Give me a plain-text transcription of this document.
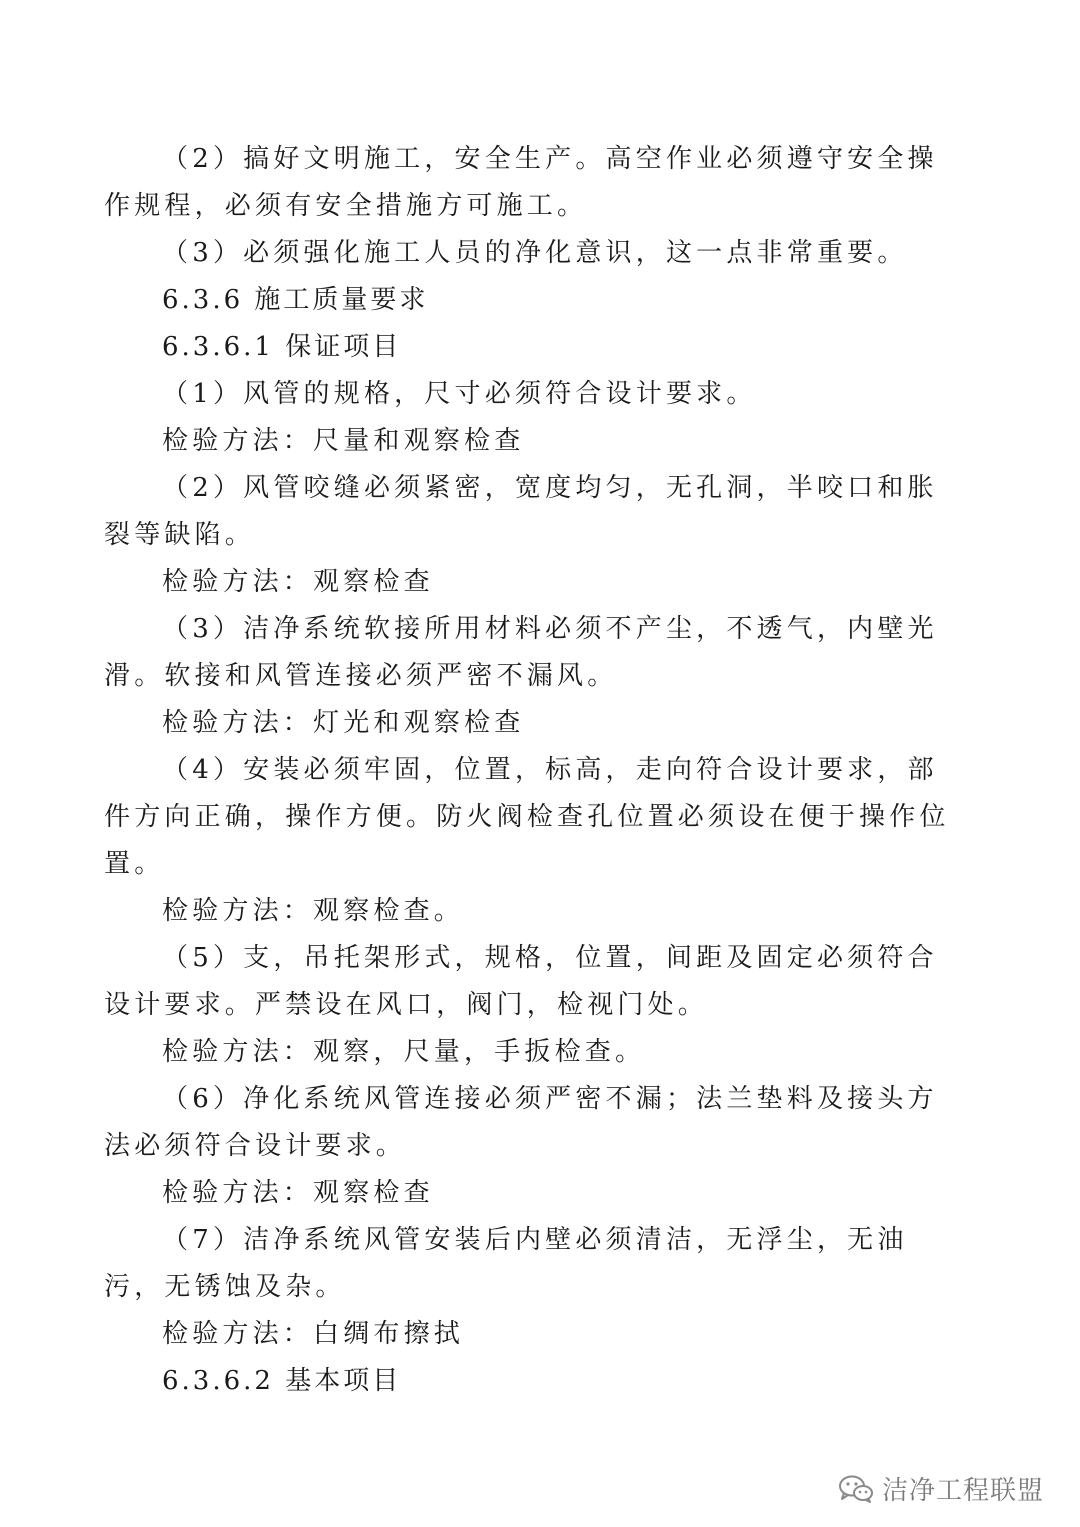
（2）搞好文明施工，安全生产。高空作业必须遵守安全操作规程，必须有安全措施方可施工。

（3）必须强化施工人员的净化意识，这一点非常重要。

6.3.6 施工质量要求

6.3.6.1 保证项目

（1）风管的规格，尺寸必须符合设计要求。

检验方法：尺量和观察检查

（2）风管咬缝必须紧密，宽度均匀，无孔洞，半咬口和胀裂等缺陷。

检验方法：观察检查

（3）洁净系统软接所用材料必须不产尘，不透气，内壁光滑。软接和风管连接必须严密不漏风。

检验方法：灯光和观察检查

（4）安装必须牢固，位置，标高，走向符合设计要求，部件方向正确，操作方便。防火阀检查孔位置必须设在便于操作位置。

检验方法：观察检查。

（5）支，吊托架形式，规格，位置，间距及固定必须符合设计要求。严禁设在风口，阀门，检视门处。

检验方法：观察，尺量，手扳检查。

（6）净化系统风管连接必须严密不漏；法兰垫料及接头方法必须符合设计要求。

检验方法：观察检查

（7）洁净系统风管安装后内壁必须清洁，无浮尘，无油污，无锈蚀及杂。

检验方法：白绸布擦拭

6.3.6.2 基本项目

洁净工程联盟
